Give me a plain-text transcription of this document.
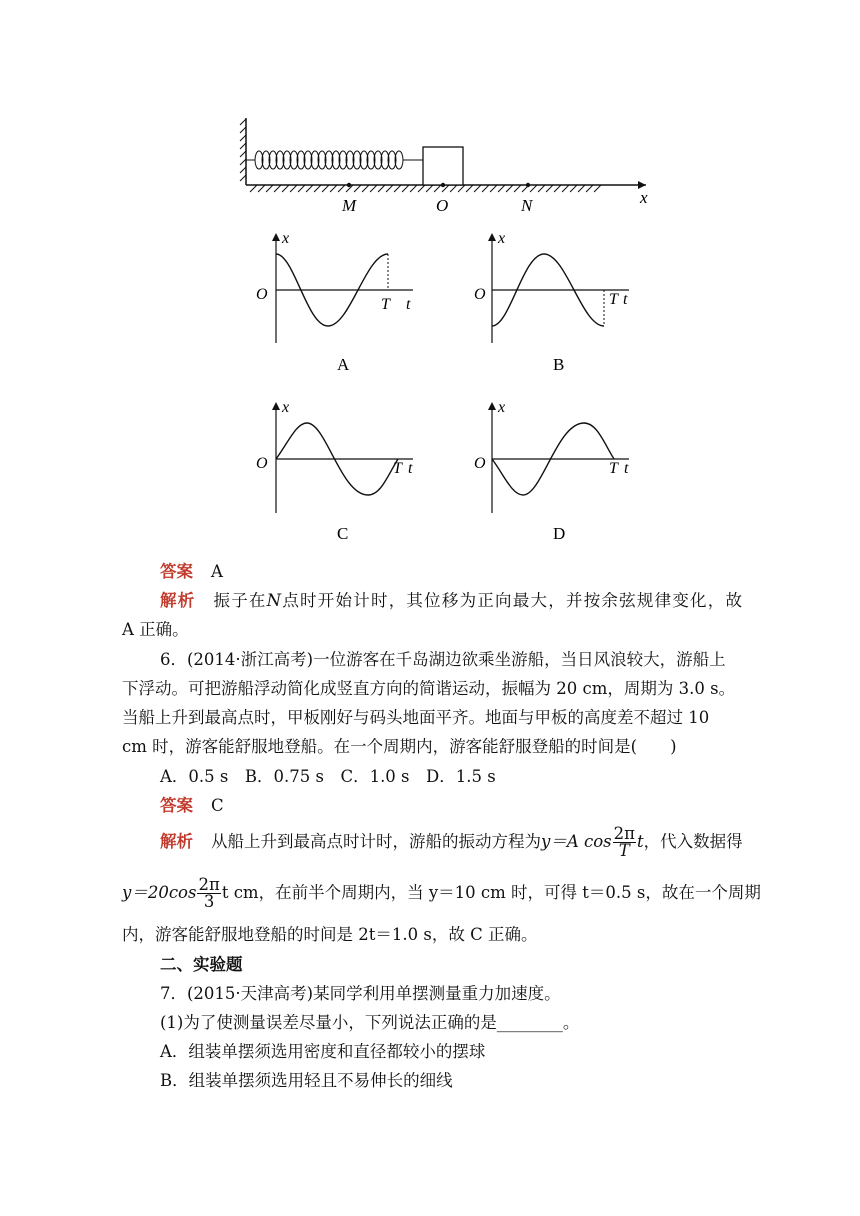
M	O	N	x
x
O
T t
A
x
O	T t
B
x
O	T t
C
x
O	T t
D
答案 A
解析 振子在N点时开始计时，其位移为正向最大，并按余弦规律变化，故
A 正确。
6．(2014·浙江高考)一位游客在千岛湖边欲乘坐游船，当日风浪较大，游船上
下浮动。可把游船浮动简化成竖直方向的简谐运动，振幅为 20 cm，周期为 3.0 s。
当船上升到最高点时，甲板刚好与码头地面平齐。地面与甲板的高度差不超过 10
cm 时，游客能舒服地登船。在一个周期内，游客能舒服登船的时间是(　　)
A．0.5 s　B．0.75 s　C．1.0 s　D．1.5 s
答案 C
解析 从船上升到最高点时计时，游船的振动方程为y＝A $\cos \frac{2\pi}{T}$ t，代入数据得
$y=20\cos \frac{2\pi}{3}$ t cm，在前半个周期内，当 y＝10 cm 时，可得 t＝0.5 s，故在一个周期
内，游客能舒服地登船的时间是 2t＝1.0 s，故 C 正确。
二、实验题
7．(2015·天津高考)某同学利用单摆测量重力加速度。
(1)为了使测量误差尽量小，下列说法正确的是________。
A．组装单摆须选用密度和直径都较小的摆球
B．组装单摆须选用轻且不易伸长的细线
